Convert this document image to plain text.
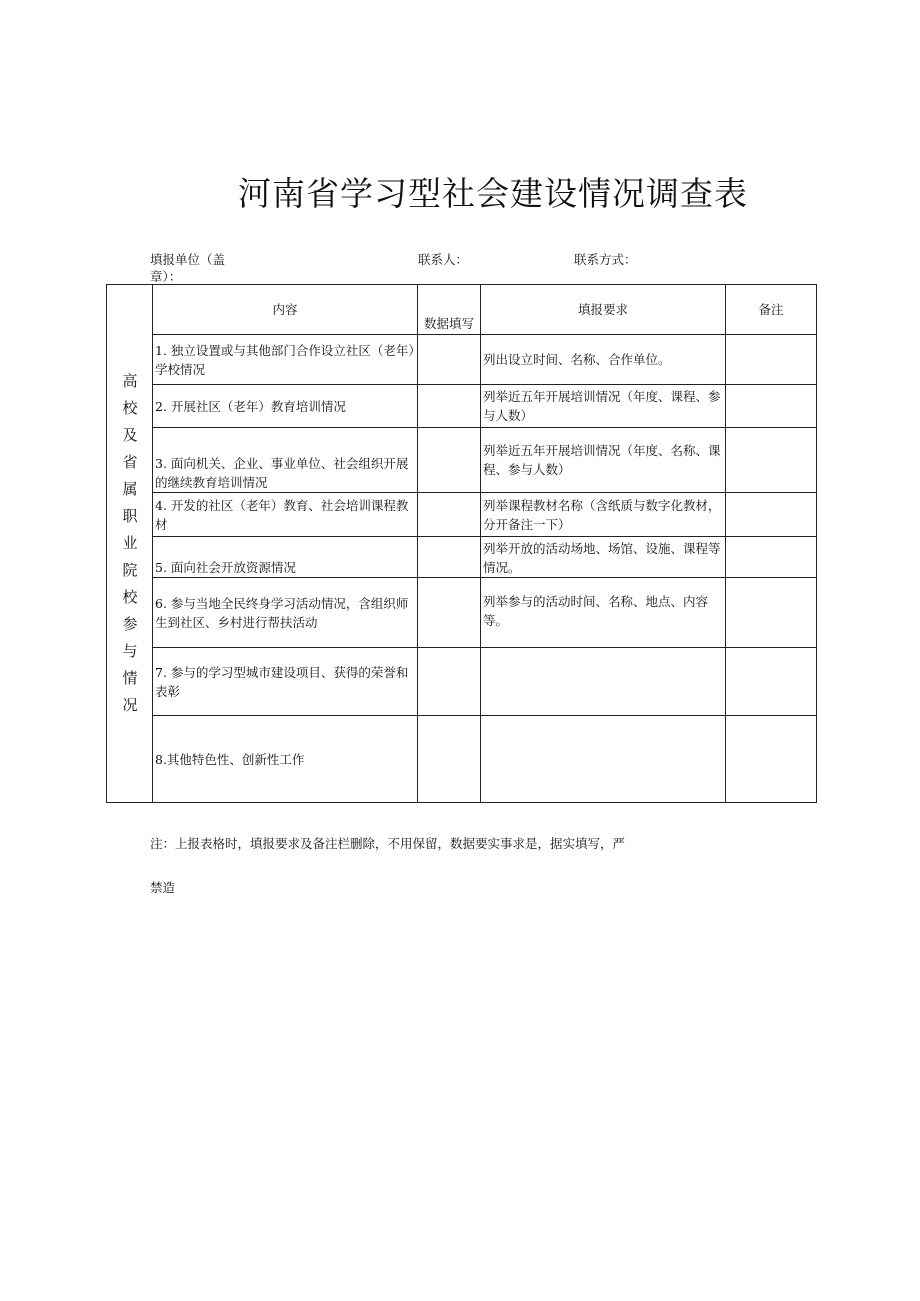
河南省学习型社会建设情况调查表
填报单位（盖章）：
联系人：	联系方式：
高校及省属职业院校参与情况	内容	数据填写	填报要求	备注
	1. 独立设置或与其他部门合作设立社区（老年）学校情况		列出设立时间、名称、合作单位。	
	2. 开展社区（老年）教育培训情况		列举近五年开展培训情况（年度、课程、参与人数）	
	3. 面向机关、企业、事业单位、社会组织开展的继续教育培训情况		列举近五年开展培训情况（年度、名称、课程、参与人数）	
	4. 开发的社区（老年）教育、社会培训课程教材		列举课程教材名称（含纸质与数字化教材，分开备注一下）	
	5. 面向社会开放资源情况		列举开放的活动场地、场馆、设施、课程等情况。	
	6. 参与当地全民终身学习活动情况，含组织师生到社区、乡村进行帮扶活动		列举参与的活动时间、名称、地点、内容等。	
	7. 参与的学习型城市建设项目、获得的荣誉和表彰			
	8.其他特色性、创新性工作			
注：上报表格时，填报要求及备注栏删除，不用保留，数据要实事求是，据实填写，严
禁造
